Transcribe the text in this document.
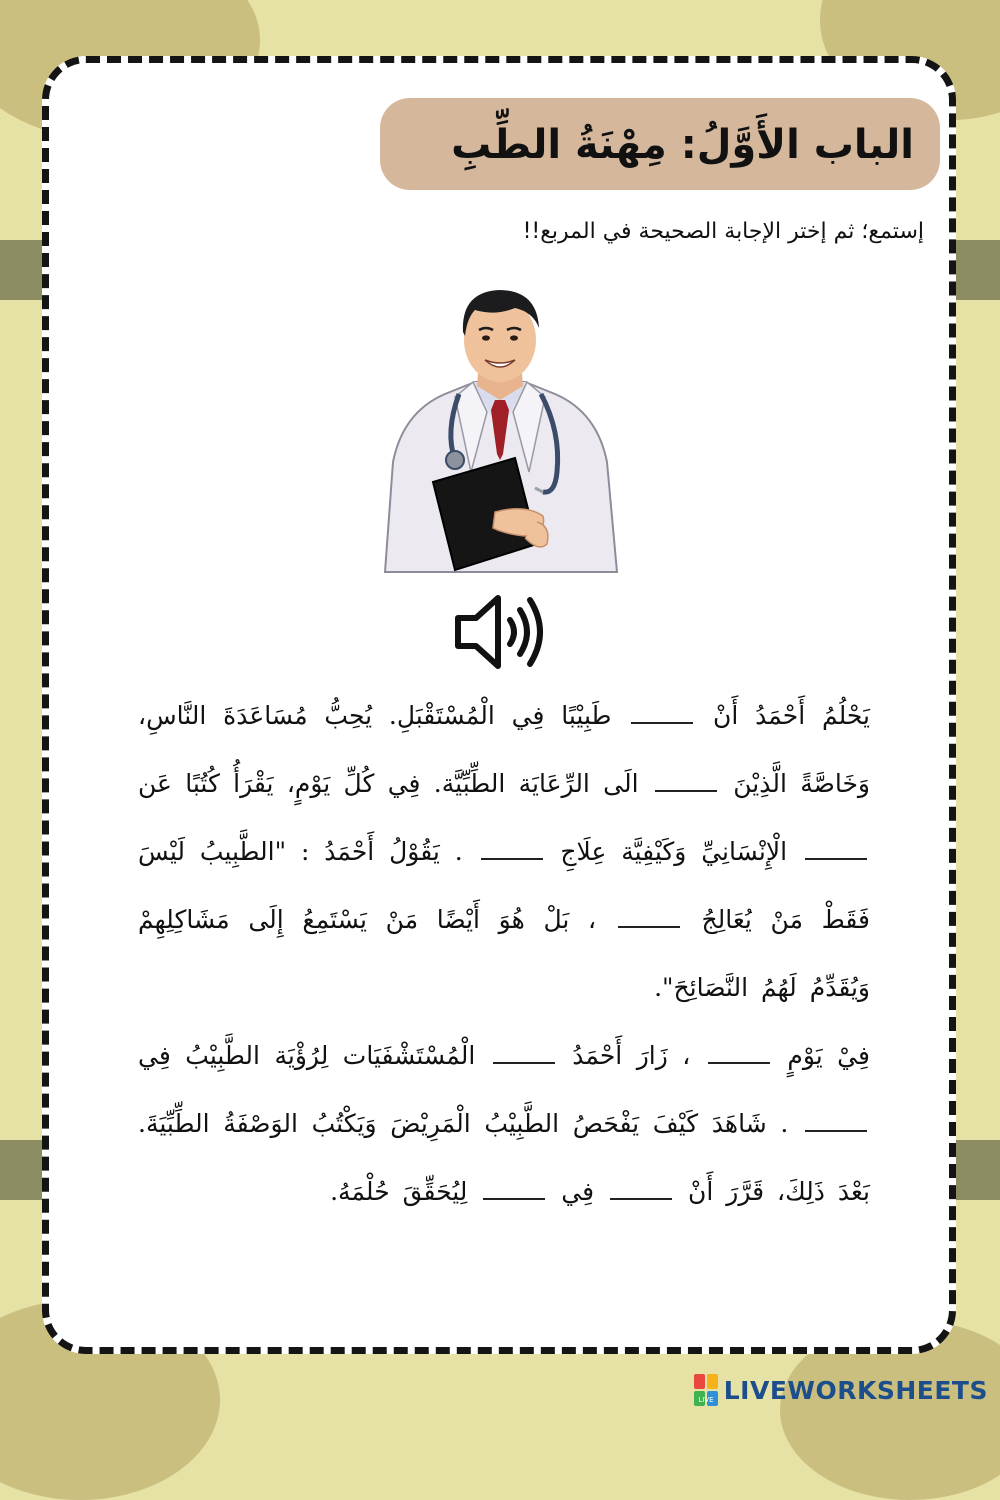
الباب الأَوَّلُ: مِهْنَةُ الطِّبِ
إستمع؛ ثم إختر الإجابة الصحيحة في المربع!!

يَحْلُمُ أَحْمَدُ أَنْ  طَبِيْبًا فِي الْمُسْتَقْبَلِ. يُحِبُّ مُسَاعَدَةَ النَّاسِ، وَخَاصَّةً الَّذِيْنَ  الَى الرِّعَايَة الطِّبِّيَّة. فِي كُلِّ يَوْمٍ، يَقْرَأُ كُتُبًا عَن  الْإِنْسَانِيِّ وَكَيْفِيَّة عِلَاجِ  . يَقُوْلُ أَحْمَدُ : "الطَّبِيبُ لَيْسَ فَقَطْ مَنْ يُعَالِجُ  ، بَلْ هُوَ أَيْضًا مَنْ يَسْتَمِعُ إِلَى مَشَاكِلِهِمْ وَيُقَدِّمُ لَهُمُ النَّصَائِحَ".

فِيْ يَوْمٍ  ، زَارَ أَحْمَدُ  الْمُسْتَشْفَيَات لِرُؤْيَة الطَّبِيْبُ فِي  . شَاهَدَ كَيْفَ يَفْحَصُ الطَّبِيْبُ الْمَرِيْضَ وَيَكْتُبُ الوَصْفَةُ الطِّبِّيَةَ. بَعْدَ ذَلِكَ، قَرَّرَ أَنْ  فِي  لِيُحَقِّقَ حُلْمَهُ.

LIVE LIVEWORKSHEETS
